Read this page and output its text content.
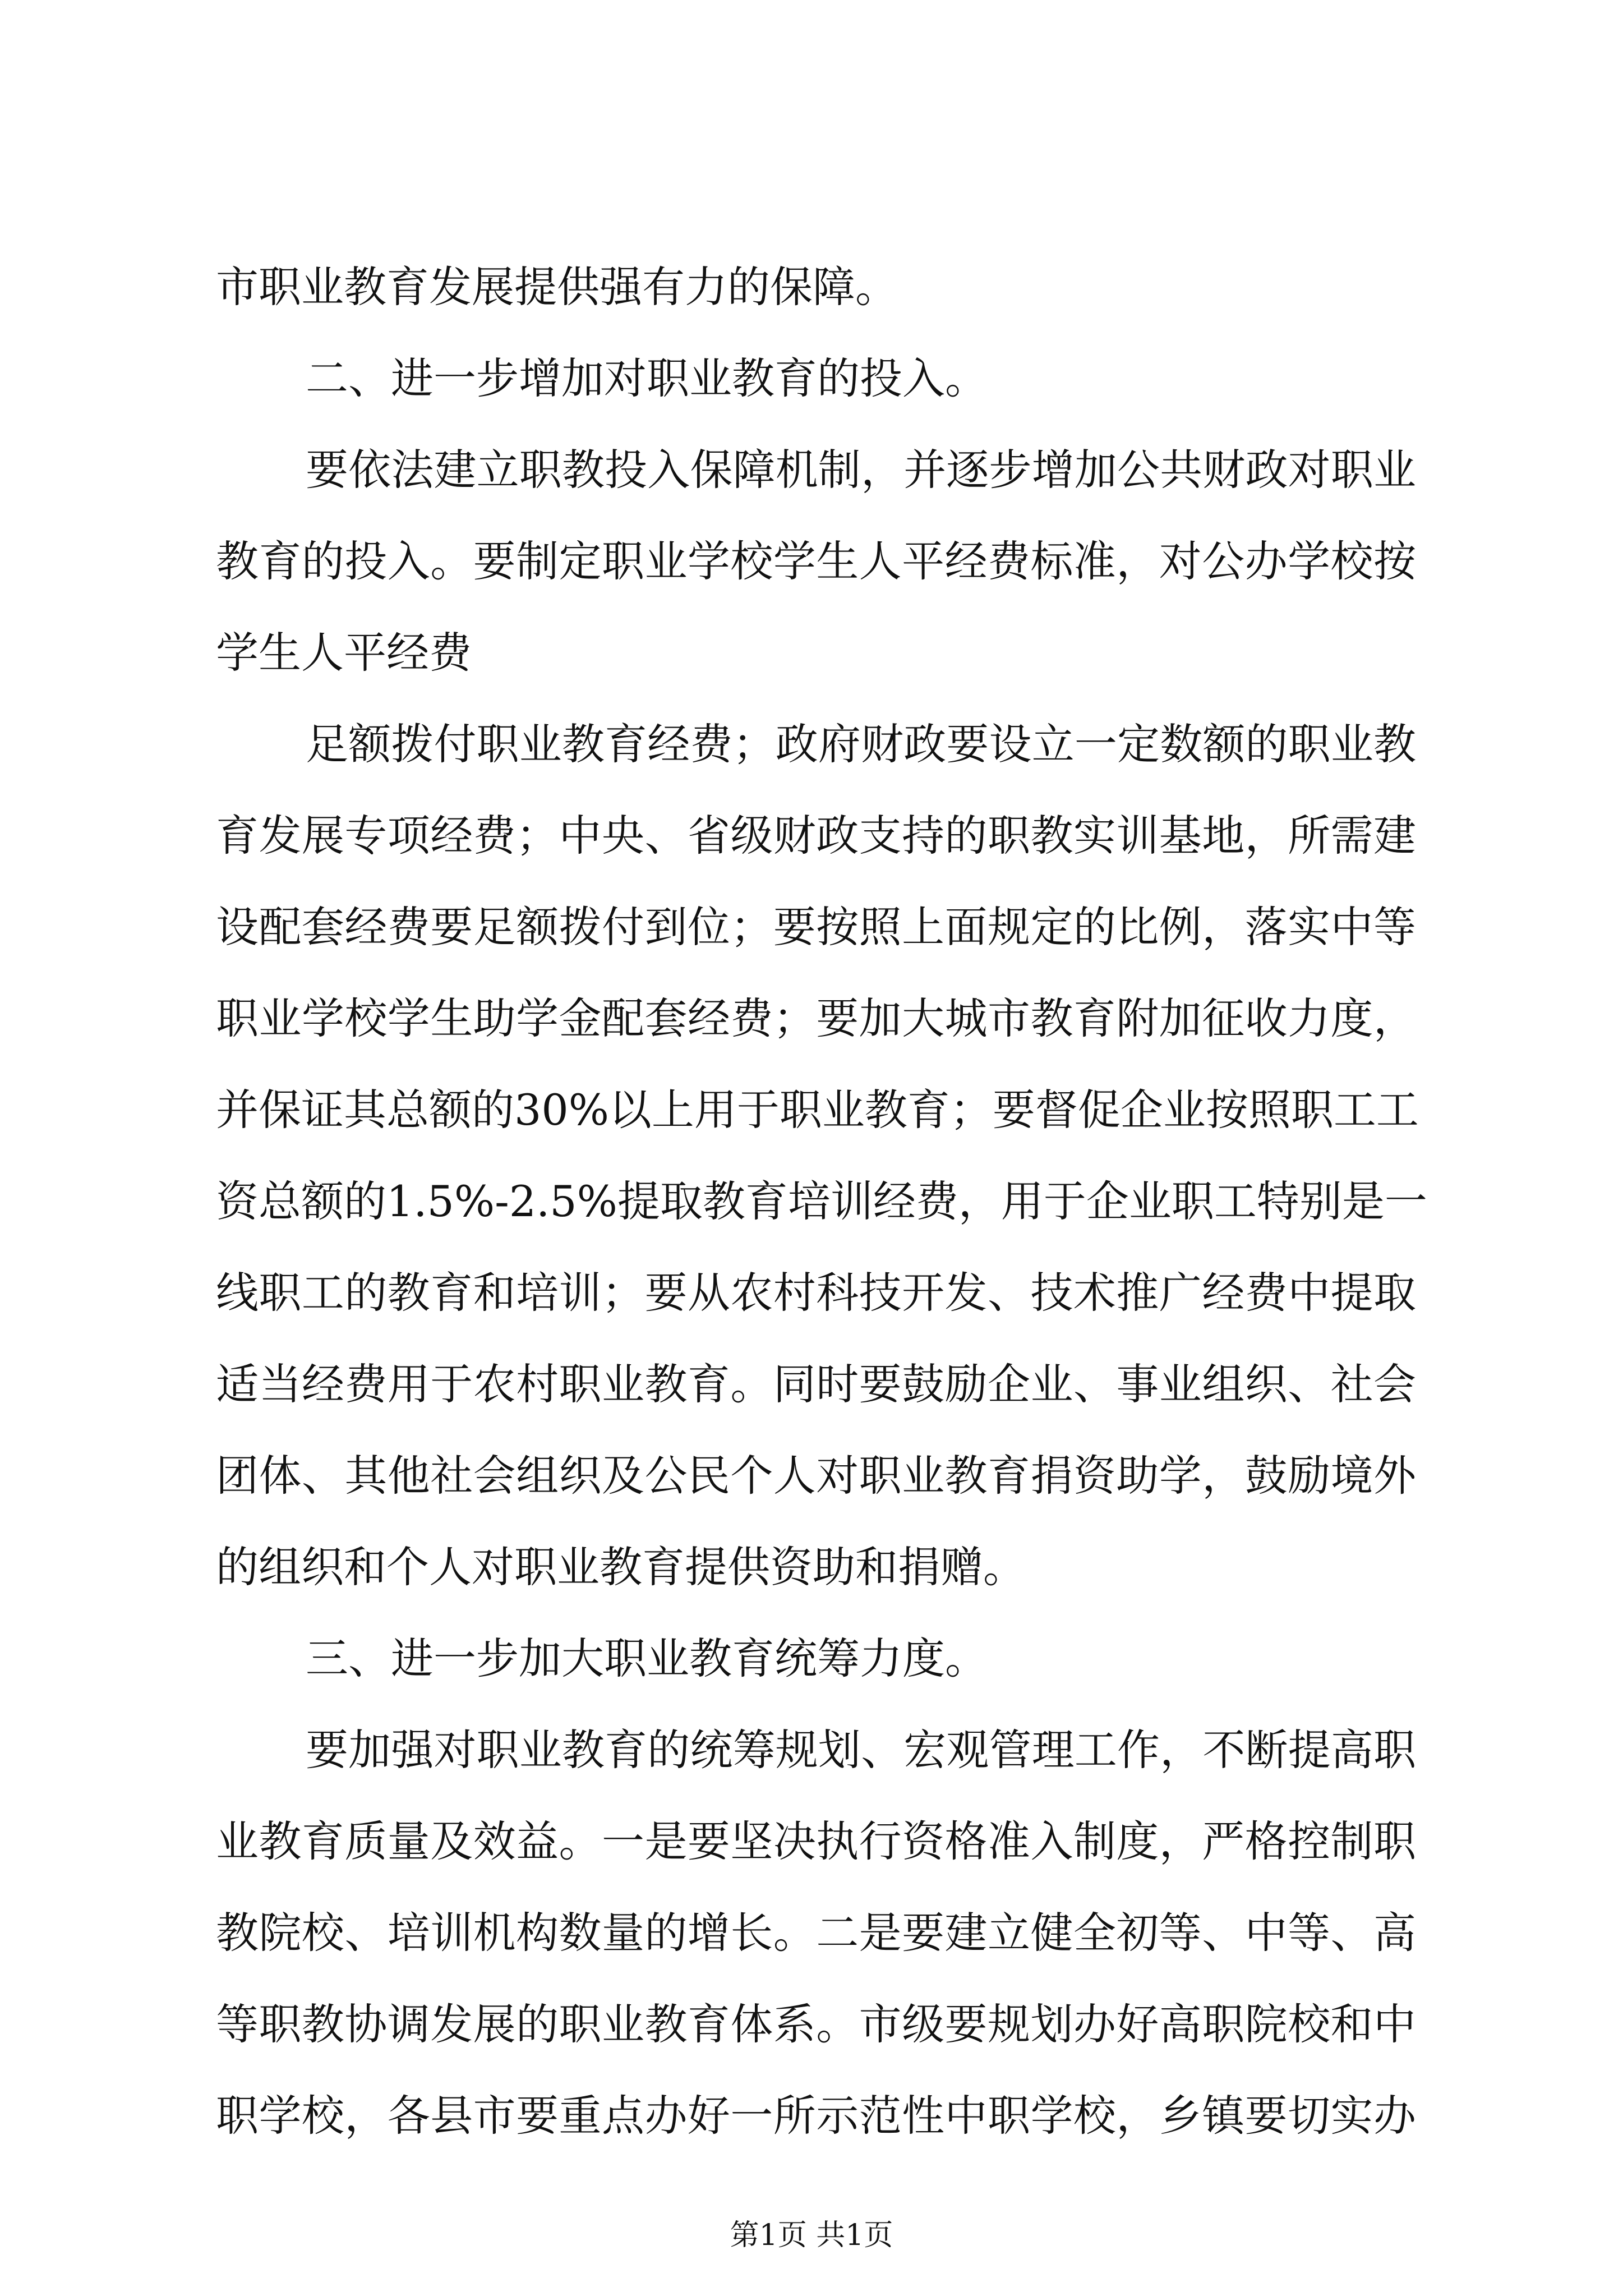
市职业教育发展提供强有力的保障。
二、进一步增加对职业教育的投入。
要依法建立职教投入保障机制，并逐步增加公共财政对职业
教育的投入。要制定职业学校学生人平经费标准，对公办学校按
学生人平经费
足额拨付职业教育经费；政府财政要设立一定数额的职业教
育发展专项经费；中央、省级财政支持的职教实训基地，所需建
设配套经费要足额拨付到位；要按照上面规定的比例，落实中等
职业学校学生助学金配套经费；要加大城市教育附加征收力度，
并保证其总额的30%以上用于职业教育；要督促企业按照职工工
资总额的1.5%-2.5%提取教育培训经费，用于企业职工特别是一
线职工的教育和培训；要从农村科技开发、技术推广经费中提取
适当经费用于农村职业教育。同时要鼓励企业、事业组织、社会
团体、其他社会组织及公民个人对职业教育捐资助学，鼓励境外
的组织和个人对职业教育提供资助和捐赠。
三、进一步加大职业教育统筹力度。
要加强对职业教育的统筹规划、宏观管理工作，不断提高职
业教育质量及效益。一是要坚决执行资格准入制度，严格控制职
教院校、培训机构数量的增长。二是要建立健全初等、中等、高
等职教协调发展的职业教育体系。市级要规划办好高职院校和中
职学校，各县市要重点办好一所示范性中职学校，乡镇要切实办
第1页 共1页
